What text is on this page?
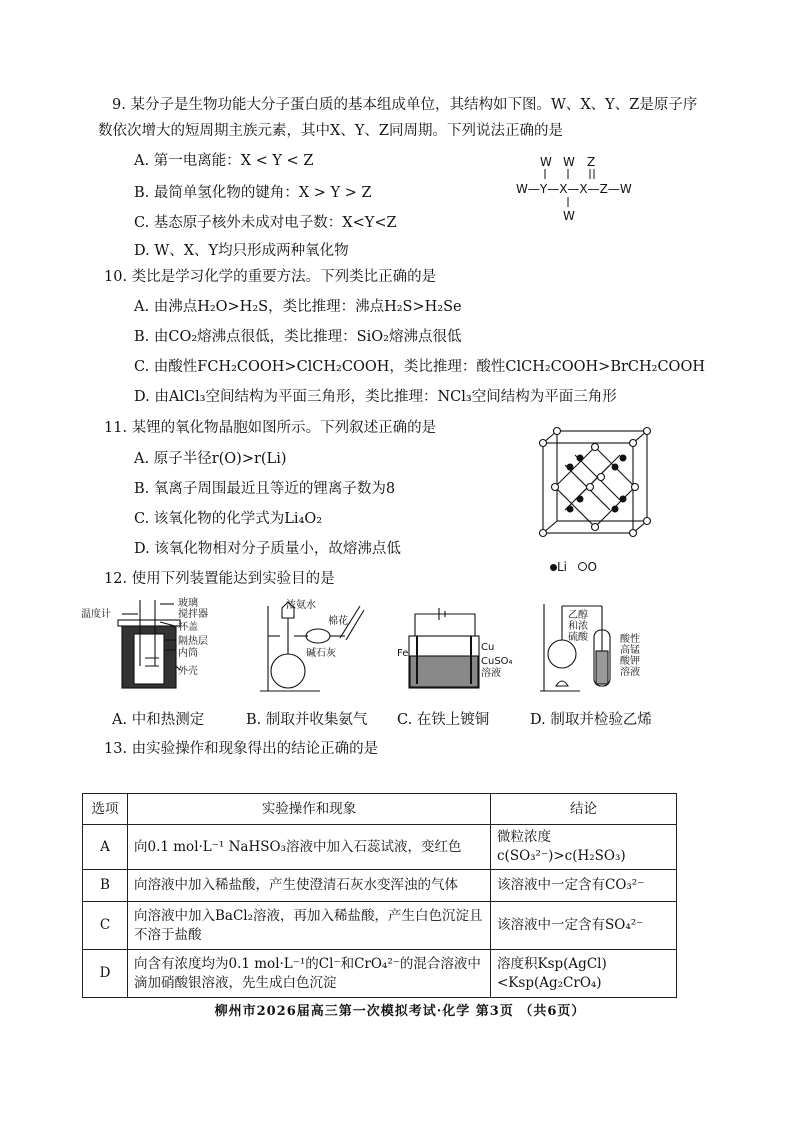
9. 某分子是生物功能大分子蛋白质的基本组成单位，其结构如下图。W、X、Y、Z是原子序
数依次增大的短周期主族元素，其中X、Y、Z同周期。下列说法正确的是
A. 第一电离能：X < Y < Z
B. 最简单氢化物的键角：X > Y > Z
C. 基态原子核外未成对电子数：X<Y<Z
D. W、X、Y均只形成两种氧化物
W W Z
W—Y—X—X—Z—W
W
10. 类比是学习化学的重要方法。下列类比正确的是
A. 由沸点H₂O>H₂S，类比推理：沸点H₂S>H₂Se
B. 由CO₂熔沸点很低，类比推理：SiO₂熔沸点很低
C. 由酸性FCH₂COOH>ClCH₂COOH，类比推理：酸性ClCH₂COOH>BrCH₂COOH
D. 由AlCl₃空间结构为平面三角形，类比推理：NCl₃空间结构为平面三角形
11. 某锂的氧化物晶胞如图所示。下列叙述正确的是
A. 原子半径r(O)>r(Li)
B. 氧离子周围最近且等近的锂离子数为8
C. 该氧化物的化学式为Li₄O₂
D. 该氧化物相对分子质量小，故熔沸点低
Li O
12. 使用下列装置能达到实验目的是
玻璃
搅拌器
温度计
杯盖
隔热层
内筒
外壳
浓氨水
棉花
碱石灰	Fe
Cu
CuSO₄
溶液
乙醇
和浓
硫酸	酸性
高锰
酸钾
溶液
A. 中和热测定	B. 制取并收集氨气 C. 在铁上镀铜	D. 制取并检验乙烯
13. 由实验操作和现象得出的结论正确的是
选项	实验操作和现象	结论
A	向0.1 mol·L⁻¹ NaHSO₃溶液中加入石蕊试液，变红色	微粒浓度c(SO₃²⁻)>c(H₂SO₃)
B	向溶液中加入稀盐酸，产生使澄清石灰水变浑浊的气体	该溶液中一定含有CO₃²⁻
C	向溶液中加入BaCl₂溶液，再加入稀盐酸，产生白色沉淀且不溶于盐酸	该溶液中一定含有SO₄²⁻
D	向含有浓度均为0.1 mol·L⁻¹的Cl⁻和CrO₄²⁻的混合溶液中滴加硝酸银溶液，先生成白色沉淀	溶度积Ksp(AgCl)<Ksp(Ag₂CrO₄)
柳州市2026届高三第一次模拟考试·化学 第3页 （共6页）
